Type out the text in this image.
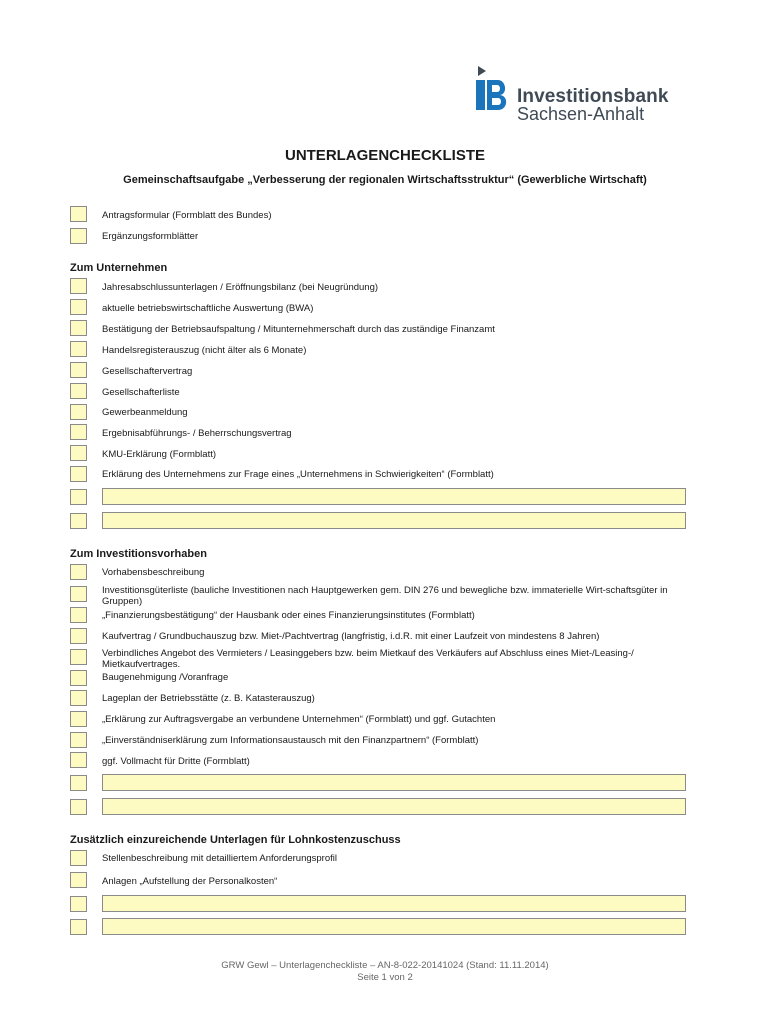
Investitionsbank
Sachsen-Anhalt
UNTERLAGENCHECKLISTE
Gemeinschaftsaufgabe „Verbesserung der regionalen Wirtschaftsstruktur“ (Gewerbliche Wirtschaft)
Antragsformular (Formblatt des Bundes)
Ergänzungsformblätter
Zum Unternehmen
Jahresabschlussunterlagen / Eröffnungsbilanz (bei Neugründung)
aktuelle betriebswirtschaftliche Auswertung (BWA)
Bestätigung der Betriebsaufspaltung / Mitunternehmerschaft durch das zuständige Finanzamt
Handelsregisterauszug (nicht älter als 6 Monate)
Gesellschaftervertrag
Gesellschafterliste
Gewerbeanmeldung
Ergebnisabführungs- / Beherrschungsvertrag
KMU-Erklärung (Formblatt)
Erklärung des Unternehmens zur Frage eines „Unternehmens in Schwierigkeiten“ (Formblatt)
Zum Investitionsvorhaben
Vorhabensbeschreibung
Investitionsgüterliste (bauliche Investitionen nach Hauptgewerken gem. DIN 276 und bewegliche bzw. immaterielle Wirt-schaftsgüter in Gruppen)
„Finanzierungsbestätigung“ der Hausbank oder eines Finanzierungsinstitutes (Formblatt)
Kaufvertrag / Grundbuchauszug bzw. Miet-/Pachtvertrag (langfristig, i.d.R. mit einer Laufzeit von mindestens 8 Jahren)
Verbindliches Angebot des Vermieters / Leasinggebers bzw. beim Mietkauf des Verkäufers auf Abschluss eines Miet-/Leasing-/ Mietkaufvertrages.
Baugenehmigung /Voranfrage
Lageplan der Betriebsstätte (z. B. Katasterauszug)
„Erklärung zur Auftragsvergabe an verbundene Unternehmen“ (Formblatt) und ggf. Gutachten
„Einverständniserklärung zum Informationsaustausch mit den Finanzpartnern“ (Formblatt)
ggf. Vollmacht für Dritte (Formblatt)
Zusätzlich einzureichende Unterlagen für Lohnkostenzuschuss
Stellenbeschreibung mit detailliertem Anforderungsprofil
Anlagen „Aufstellung der Personalkosten“
GRW Gewl – Unterlagencheckliste – AN-8-022-20141024 (Stand: 11.11.2014)
Seite 1 von 2
